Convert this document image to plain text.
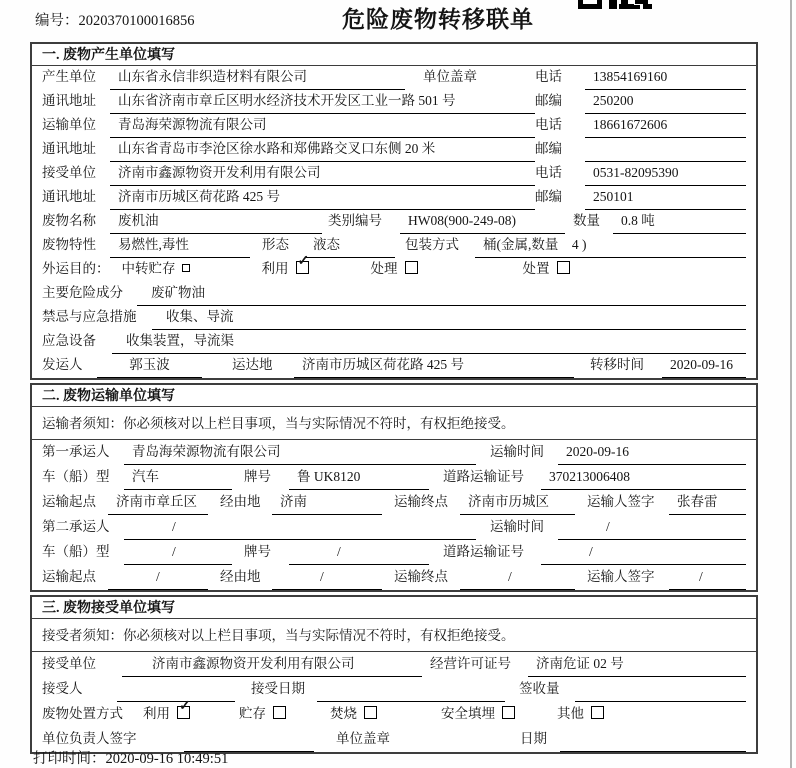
编号：2020370100016856	危险废物转移联单
一. 废物产生单位填写
产生单位	山东省永信非织造材料有限公司	单位盖章	电话	13854169160
通讯地址	山东省济南市章丘区明水经济技术开发区工业一路 501 号	邮编	250200
运输单位	青岛海荣源物流有限公司	电话	18661672606
通讯地址	山东省青岛市李沧区徐水路和郑佛路交叉口东侧 20 米	邮编
接受单位	济南市鑫源物资开发利用有限公司	电话	0531-82095390
通讯地址	济南市历城区荷花路 425 号	邮编	250101
废物名称	废机油	类别编号	HW08(900-249-08)	数量	0.8 吨
废物特性	易燃性,毒性	形态	液态	包装方式	桶(金属,数量　4 )
外运目的： 中转贮存	利用 ✓	处理	处置
主要危险成分	废矿物油
禁忌与应急措施	收集、导流
应急设备	收集装置，导流渠
发运人	郭玉波	运达地	济南市历城区荷花路 425 号	转移时间	2020-09-16
二. 废物运输单位填写
运输者须知：你必须核对以上栏目事项，当与实际情况不符时，有权拒绝接受。
第一承运人	青岛海荣源物流有限公司	运输时间	2020-09-16
车（船）型	汽车	牌号	鲁 UK8120	道路运输证号	370213006408
运输起点	济南市章丘区	经由地	济南	运输终点	济南市历城区	运输人签字	张春雷
第二承运人	/	运输时间	/
车（船）型	/	牌号	/	道路运输证号	/
运输起点	/	经由地	/	运输终点	/	运输人签字	/
三. 废物接受单位填写
接受者须知：你必须核对以上栏目事项，当与实际情况不符时，有权拒绝接受。
接受单位	济南市鑫源物资开发利用有限公司	经营许可证号	济南危证 02 号
接受人	接受日期	签收量
废物处置方式 利用 ✓	贮存	焚烧	安全填埋	其他
单位负责人签字	单位盖章	日期
打印时间：2020-09-16 10:49:51
